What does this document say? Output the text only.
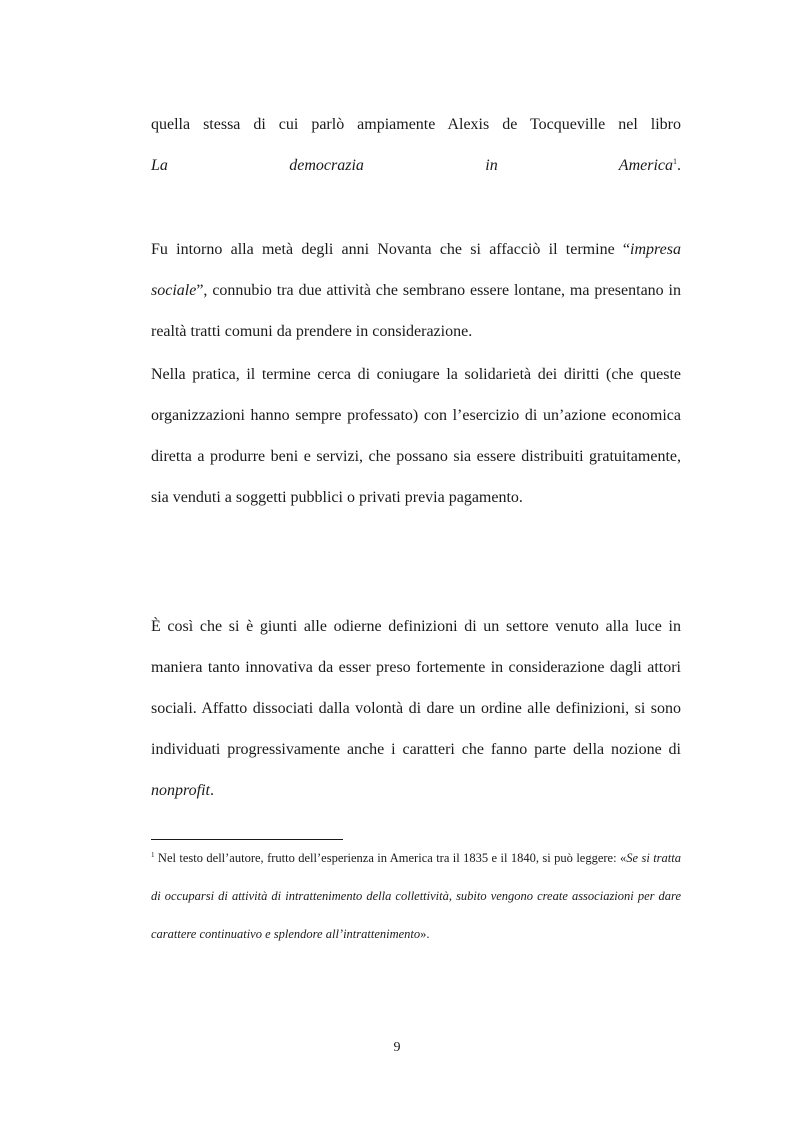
quella stessa di cui parlò ampiamente Alexis de Tocqueville nel libro
La democrazia in America$^1$.

Fu intorno alla metà degli anni Novanta che si affacciò il termine “impresa sociale”, connubio tra due attività che sembrano essere lontane, ma presentano in realtà tratti comuni da prendere in considerazione.

Nella pratica, il termine cerca di coniugare la solidarietà dei diritti (che queste organizzazioni hanno sempre professato) con l’esercizio di un’azione economica diretta a produrre beni e servizi, che possano sia essere distribuiti gratuitamente, sia venduti a soggetti pubblici o privati previa pagamento.

È così che si è giunti alle odierne definizioni di un settore venuto alla luce in maniera tanto innovativa da esser preso fortemente in considerazione dagli attori sociali. Affatto dissociati dalla volontà di dare un ordine alle definizioni, si sono individuati progressivamente anche i caratteri che fanno parte della nozione di nonprofit.

$^1$ Nel testo dell’autore, frutto dell’esperienza in America tra il 1835 e il 1840, si può leggere: «Se si tratta di occuparsi di attività di intrattenimento della collettività, subito vengono create associazioni per dare carattere continuativo e splendore all’intrattenimento».

9
